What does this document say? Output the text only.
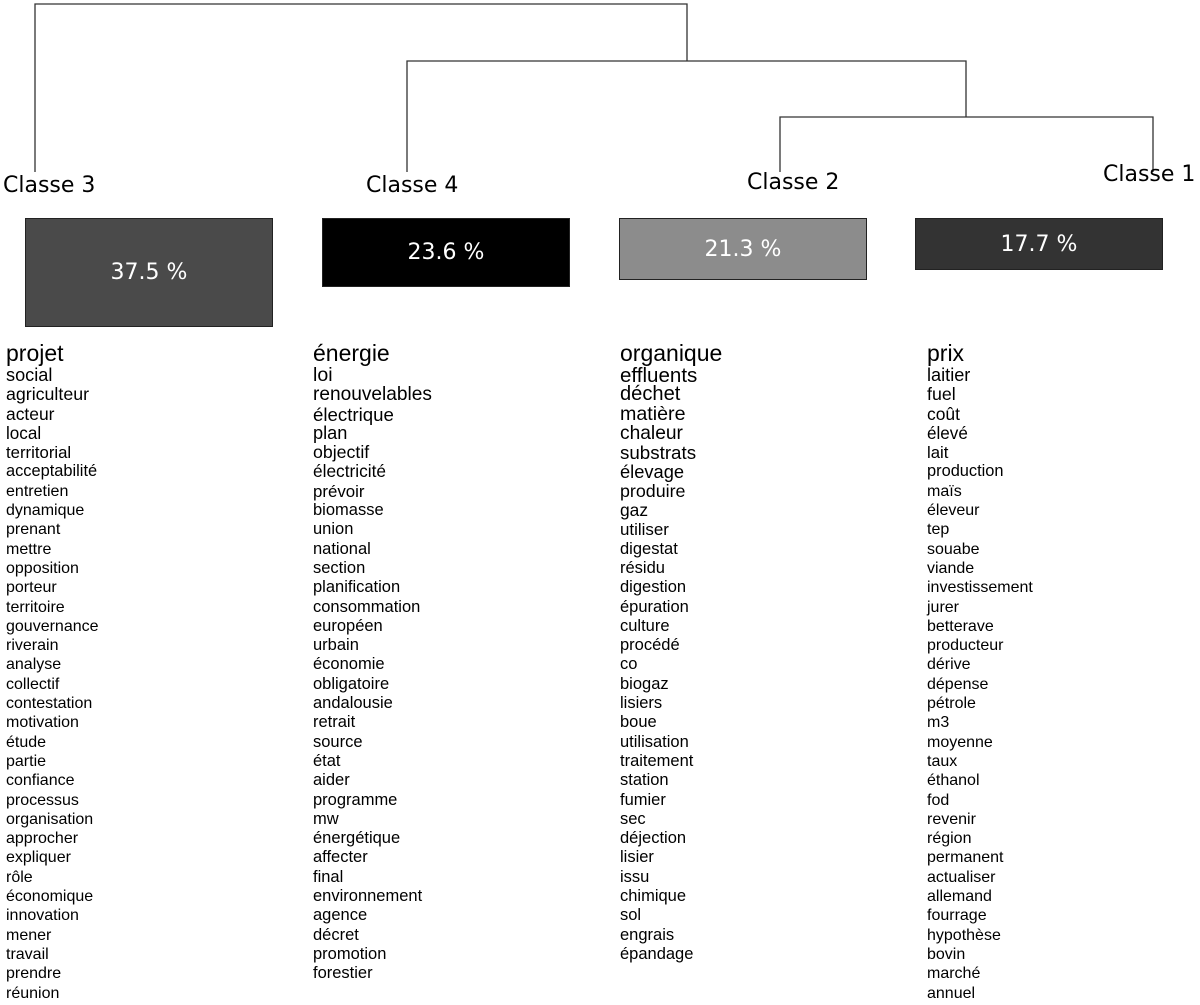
Classe 3
37.5 %
projet
social
agriculteur
acteur
local
territorial
acceptabilité
entretien
dynamique
prenant
mettre
opposition
porteur
territoire
gouvernance
riverain
analyse
collectif
contestation
motivation
étude
partie
confiance
processus
organisation
approcher
expliquer
rôle
économique
innovation
mener
travail
prendre
réunion
Classe 4
23.6 %
énergie
loi
renouvelables
électrique
plan
objectif
électricité
prévoir
biomasse
union
national
section
planification
consommation
européen
urbain
économie
obligatoire
andalousie
retrait
source
état
aider
programme
mw
énergétique
affecter
final
environnement
agence
décret
promotion
forestier
Classe 2
21.3 %
organique
effluents
déchet
matière
chaleur
substrats
élevage
produire
gaz
utiliser
digestat
résidu
digestion
épuration
culture
procédé
co
biogaz
lisiers
boue
utilisation
traitement
station
fumier
sec
déjection
lisier
issu
chimique
sol
engrais
épandage
Classe 1
17.7 %
prix
laitier
fuel
coût
élevé
lait
production
maïs
éleveur
tep
souabe
viande
investissement
jurer
betterave
producteur
dérive
dépense
pétrole
m3
moyenne
taux
éthanol
fod
revenir
région
permanent
actualiser
allemand
fourrage
hypothèse
bovin
marché
annuel
